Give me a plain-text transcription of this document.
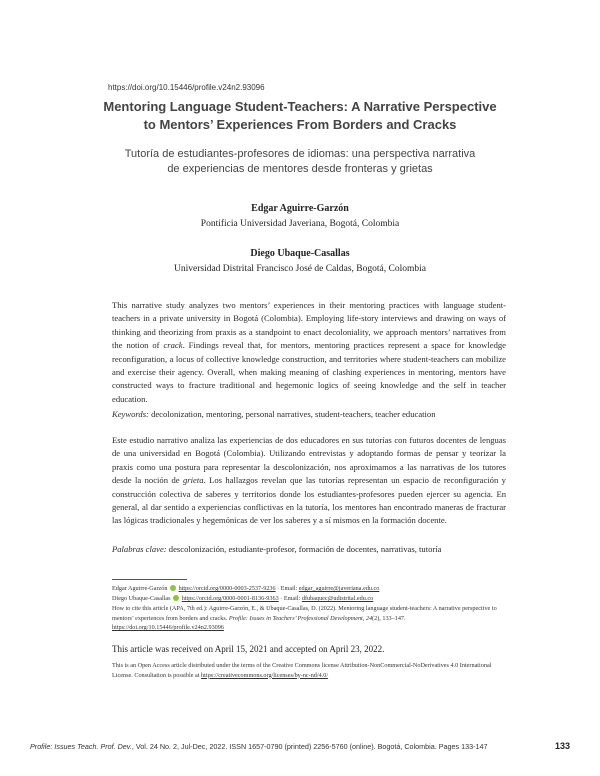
https://doi.org/10.15446/profile.v24n2.93096
Mentoring Language Student-Teachers: A Narrative Perspective
to Mentors’ Experiences From Borders and Cracks
Tutoría de estudiantes-profesores de idiomas: una perspectiva narrativa
de experiencias de mentores desde fronteras y grietas
Edgar Aguirre-Garzón
Pontificia Universidad Javeriana, Bogotá, Colombia
Diego Ubaque-Casallas
Universidad Distrital Francisco José de Caldas, Bogotá, Colombia
This narrative study analyzes two mentors’ experiences in their mentoring practices with language student-teachers in a private university in Bogotá (Colombia). Employing life-story interviews and drawing on ways of thinking and theorizing from praxis as a standpoint to enact decoloniality, we approach mentors’ narratives from the notion of crack. Findings reveal that, for mentors, mentoring practices represent a space for knowledge reconfiguration, a locus of collective knowledge construction, and territories where student-teachers can mobilize and exercise their agency. Overall, when making meaning of clashing experiences in mentoring, mentors have constructed ways to fracture traditional and hegemonic logics of seeing knowledge and the self in teacher education.
Keywords: decolonization, mentoring, personal narratives, student-teachers, teacher education
Este estudio narrativo analiza las experiencias de dos educadores en sus tutorías con futuros docentes de lenguas de una universidad en Bogotá (Colombia). Utilizando entrevistas y adoptando formas de pensar y teorizar la praxis como una postura para representar la descolonización, nos aproximamos a las narrativas de los tutores desde la noción de grieta. Los hallazgos revelan que las tutorías representan un espacio de reconfiguración y construcción colectiva de saberes y territorios donde los estudiantes-profesores pueden ejercer su agencia. En general, al dar sentido a experiencias conflictivas en la tutoría, los mentores han encontrado maneras de fracturar las lógicas tradicionales y hegemónicas de ver los saberes y a sí mismos en la formación docente.
Palabras clave: descolonización, estudiante-profesor, formación de docentes, narrativas, tutoría
Edgar Aguirre-Garzón https://orcid.org/0000-0003-2537-9236 · Email: edgar_aguirre@javeriana.edu.co
Diego Ubaque-Casallas https://orcid.org/0000-0001-8136-9363 · Email: dfubaquec@udistrital.edu.co
How to cite this article (APA, 7th ed.): Aguirre-Garzón, E., & Ubaque-Casallas, D. (2022). Mentoring language student-teachers: A narrative perspective to mentors’ experiences from borders and cracks. Profile: Issues in Teachers’ Professional Development, 24(2), 133–147. https://doi.org/10.15446/profile.v24n2.93096
This article was received on April 15, 2021 and accepted on April 23, 2022.
This is an Open Access article distributed under the terms of the Creative Commons license Attribution-NonCommercial-NoDerivatives 4.0 International License. Consultation is possible at https://creativecommons.org/licenses/by-nc-nd/4.0/
Profile: Issues Teach. Prof. Dev., Vol. 24 No. 2, Jul-Dec, 2022. ISSN 1657-0790 (printed) 2256-5760 (online). Bogotá, Colombia. Pages 133-147	133
